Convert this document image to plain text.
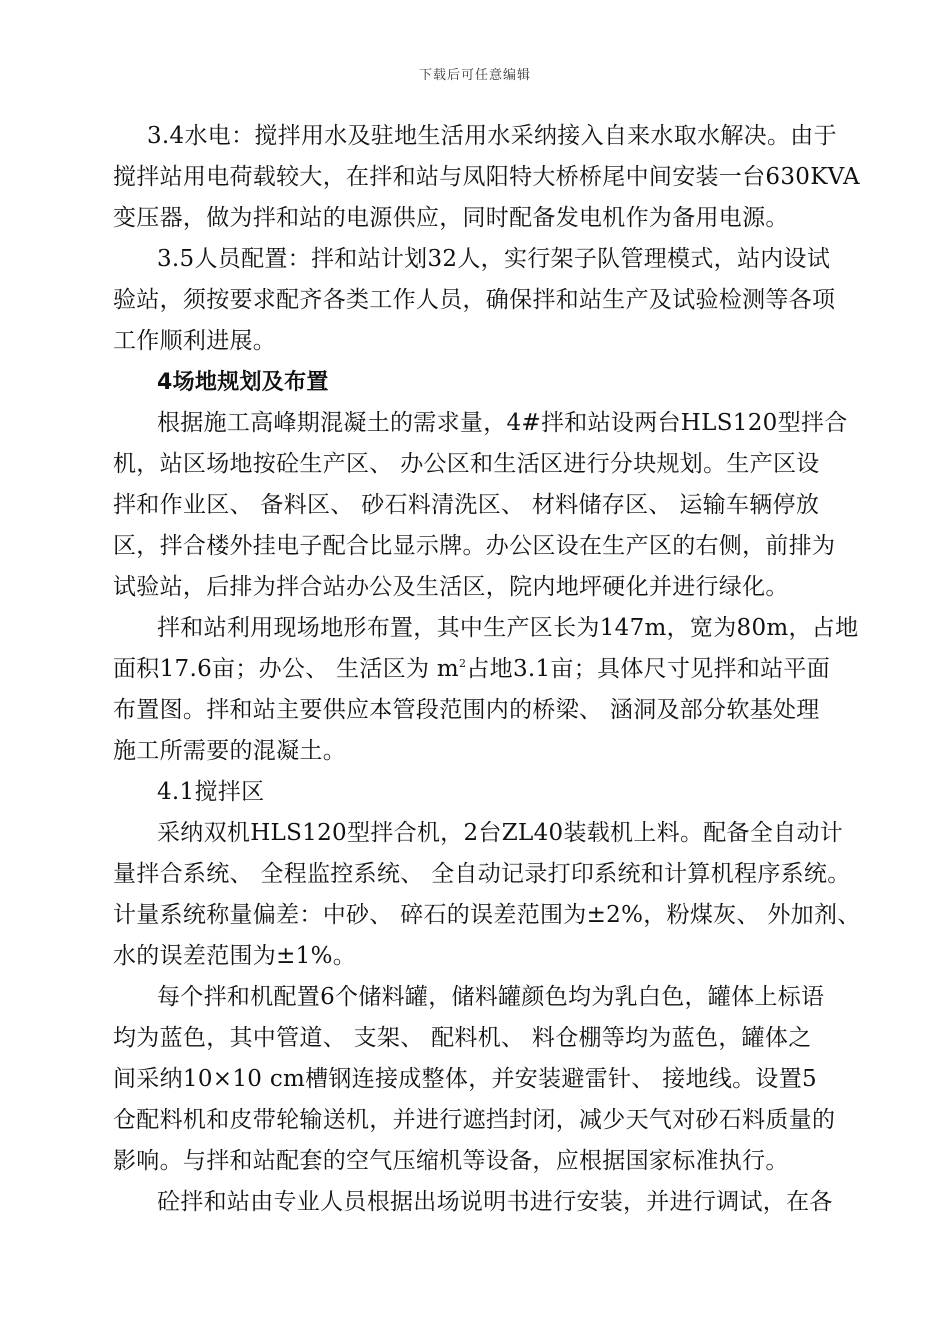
下载后可任意编辑
3.4水电：搅拌用水及驻地生活用水采纳接入自来水取水解决。由于
搅拌站用电荷载较大，在拌和站与凤阳特大桥桥尾中间安装一台630KVA
变压器，做为拌和站的电源供应，同时配备发电机作为备用电源。
3.5人员配置：拌和站计划32人，实行架子队管理模式，站内设试
验站，须按要求配齐各类工作人员，确保拌和站生产及试验检测等各项
工作顺利进展。
4场地规划及布置
根据施工高峰期混凝土的需求量，4#拌和站设两台HLS120型拌合
机，站区场地按砼生产区、 办公区和生活区进行分块规划。生产区设
拌和作业区、 备料区、 砂石料清洗区、 材料储存区、 运输车辆停放
区，拌合楼外挂电子配合比显示牌。办公区设在生产区的右侧，前排为
试验站，后排为拌合站办公及生活区，院内地坪硬化并进行绿化。
拌和站利用现场地形布置，其中生产区长为147m，宽为80m，占地
面积17.6亩；办公、 生活区为 $m^2$占地3.1亩；具体尺寸见拌和站平面
布置图。拌和站主要供应本管段范围内的桥梁、 涵洞及部分软基处理
施工所需要的混凝土。
4.1搅拌区
采纳双机HLS120型拌合机，2台ZL40装载机上料。配备全自动计
量拌合系统、 全程监控系统、 全自动记录打印系统和计算机程序系统。
计量系统称量偏差：中砂、 碎石的误差范围为±2%，粉煤灰、 外加剂、
水的误差范围为±1%。
每个拌和机配置6个储料罐，储料罐颜色均为乳白色，罐体上标语
均为蓝色，其中管道、 支架、 配料机、 料仓棚等均为蓝色，罐体之
间采纳10×10 cm槽钢连接成整体，并安装避雷针、 接地线。设置5
仓配料机和皮带轮输送机，并进行遮挡封闭，减少天气对砂石料质量的
影响。与拌和站配套的空气压缩机等设备，应根据国家标准执行。
砼拌和站由专业人员根据出场说明书进行安装，并进行调试，在各
